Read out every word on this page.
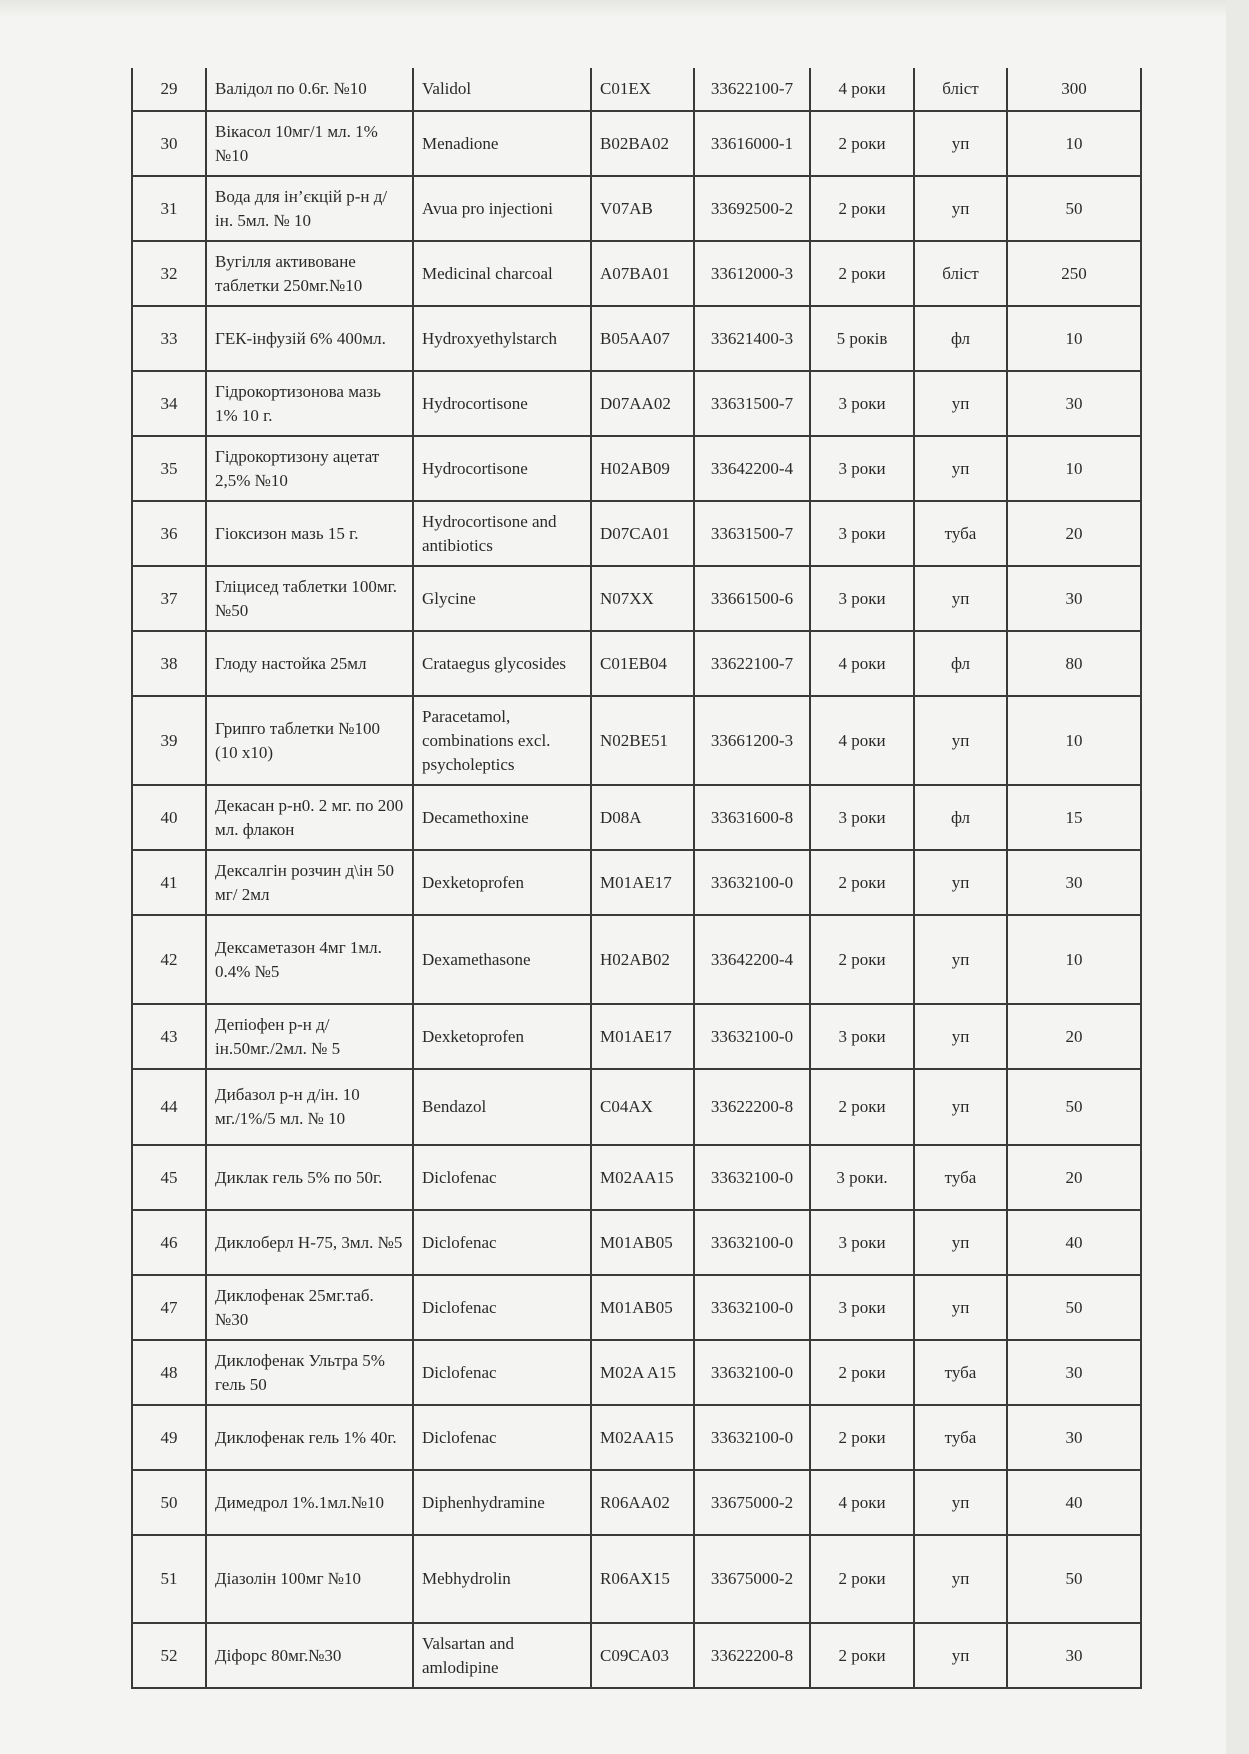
29	Валідол по 0.6г. №10	Validol	C01EX	33622100-7	4 роки	бліст	300
30	Вікасол 10мг/1 мл. 1% №10	Menadione	B02BA02	33616000-1	2 роки	уп	10
31	Вода для ін’єкцій р-н д/ін. 5мл. № 10	Avua pro injectioni	V07AB	33692500-2	2 роки	уп	50
32	Вугілля активоване таблетки 250мг.№10	Medicinal charcoal	A07BA01	33612000-3	2 роки	бліст	250
33	ГЕК-інфузій 6% 400мл.	Hydroxyethylstarch	B05AA07	33621400-3	5 років	фл	10
34	Гідрокортизонова мазь 1% 10 г.	Hydrocortisone	D07AA02	33631500-7	3 роки	уп	30
35	Гідрокортизону ацетат 2,5% №10	Hydrocortisone	H02AB09	33642200-4	3 роки	уп	10
36	Гіоксизон мазь 15 г.	Hydrocortisone and antibiotics	D07CA01	33631500-7	3 роки	туба	20
37	Гліцисед таблетки 100мг.№50	Glycine	N07XX	33661500-6	3 роки	уп	30
38	Глоду настойка 25мл	Crataegus glycosides	C01EB04	33622100-7	4 роки	фл	80
39	Грипго таблетки №100 (10 х10)	Paracetamol, combinations excl. psycholeptics	N02BE51	33661200-3	4 роки	уп	10
40	Декасан р-н0. 2 мг. по 200 мл. флакон	Decamethoxine	D08A	33631600-8	3 роки	фл	15
41	Дексалгін розчин д\ін 50 мг/ 2мл	Dexketoprofen	M01AE17	33632100-0	2 роки	уп	30
42	Дексаметазон 4мг 1мл. 0.4% №5	Dexamethasone	H02AB02	33642200-4	2 роки	уп	10
43	Депіофен р-н д/ін.50мг./2мл. № 5	Dexketoprofen	M01AE17	33632100-0	3 роки	уп	20
44	Дибазол р-н д/ін. 10 мг./1%/5 мл. № 10	Bendazol	C04AX	33622200-8	2 роки	уп	50
45	Диклак гель 5% по 50г.	Diclofenac	M02AA15	33632100-0	3 роки.	туба	20
46	Диклоберл Н-75, 3мл. №5	Diclofenac	M01AB05	33632100-0	3 роки	уп	40
47	Диклофенак 25мг.таб.№30	Diclofenac	M01AB05	33632100-0	3 роки	уп	50
48	Диклофенак Ультра 5% гель 50	Diclofenac	M02A A15	33632100-0	2 роки	туба	30
49	Диклофенак гель 1% 40г.	Diclofenac	M02AA15	33632100-0	2 роки	туба	30
50	Димедрол 1%.1мл.№10	Diphenhydramine	R06AA02	33675000-2	4 роки	уп	40
51	Діазолін 100мг №10	Mebhydrolin	R06AX15	33675000-2	2 роки	уп	50
52	Діфорс 80мг.№30	Valsartan and amlodipine	C09CA03	33622200-8	2 роки	уп	30
